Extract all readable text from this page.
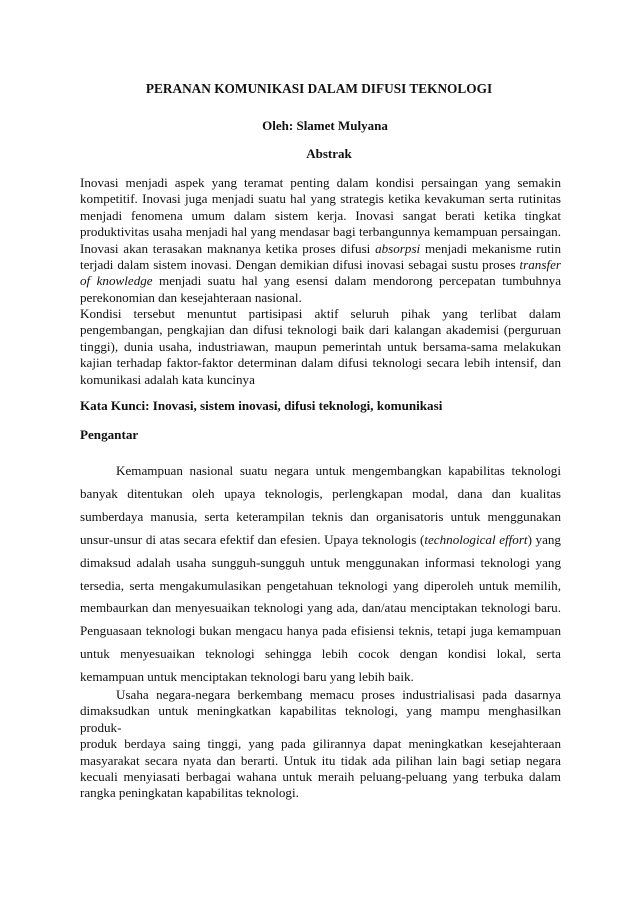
PERANAN KOMUNIKASI DALAM DIFUSI TEKNOLOGI
Oleh: Slamet Mulyana
Abstrak

Inovasi menjadi aspek yang teramat penting dalam kondisi persaingan yang semakin kompetitif. Inovasi juga menjadi suatu hal yang strategis ketika kevakuman serta rutinitas menjadi fenomena umum dalam sistem kerja. Inovasi sangat berati ketika tingkat produktivitas usaha menjadi hal yang mendasar bagi terbangunnya kemampuan persaingan. Inovasi akan terasakan maknanya ketika proses difusi absorpsi menjadi mekanisme rutin terjadi dalam sistem inovasi. Dengan demikian difusi inovasi sebagai sustu proses transfer of knowledge menjadi suatu hal yang esensi dalam mendorong percepatan tumbuhnya perekonomian dan kesejahteraan nasional.

Kondisi tersebut menuntut partisipasi aktif seluruh pihak yang terlibat dalam pengembangan, pengkajian dan difusi teknologi baik dari kalangan akademisi (perguruan tinggi), dunia usaha, industriawan, maupun pemerintah untuk bersama-sama melakukan kajian terhadap faktor-faktor determinan dalam difusi teknologi secara lebih intensif, dan komunikasi adalah kata kuncinya

Kata Kunci: Inovasi, sistem inovasi, difusi teknologi, komunikasi

Pengantar

Kemampuan nasional suatu negara untuk mengembangkan kapabilitas teknologi banyak ditentukan oleh upaya teknologis, perlengkapan modal, dana dan kualitas sumberdaya manusia, serta keterampilan teknis dan organisatoris untuk menggunakan unsur-unsur di atas secara efektif dan efesien. Upaya teknologis (technological effort) yang dimaksud adalah usaha sungguh-sungguh untuk menggunakan informasi teknologi yang tersedia, serta mengakumulasikan pengetahuan teknologi yang diperoleh untuk memilih, membaurkan dan menyesuaikan teknologi yang ada, dan/atau menciptakan teknologi baru. Penguasaan teknologi bukan mengacu hanya pada efisiensi teknis, tetapi juga kemampuan untuk menyesuaikan teknologi sehingga lebih cocok dengan kondisi lokal, serta kemampuan untuk menciptakan teknologi baru yang lebih baik.

Usaha negara-negara berkembang memacu proses industrialisasi pada dasarnya
dimaksudkan untuk meningkatkan kapabilitas teknologi, yang mampu menghasilkan produk-
produk berdaya saing tinggi, yang pada gilirannya dapat meningkatkan kesejahteraan
masyarakat secara nyata dan berarti. Untuk itu tidak ada pilihan lain bagi setiap negara
kecuali menyiasati berbagai wahana untuk meraih peluang-peluang yang terbuka dalam
rangka peningkatan kapabilitas teknologi.
